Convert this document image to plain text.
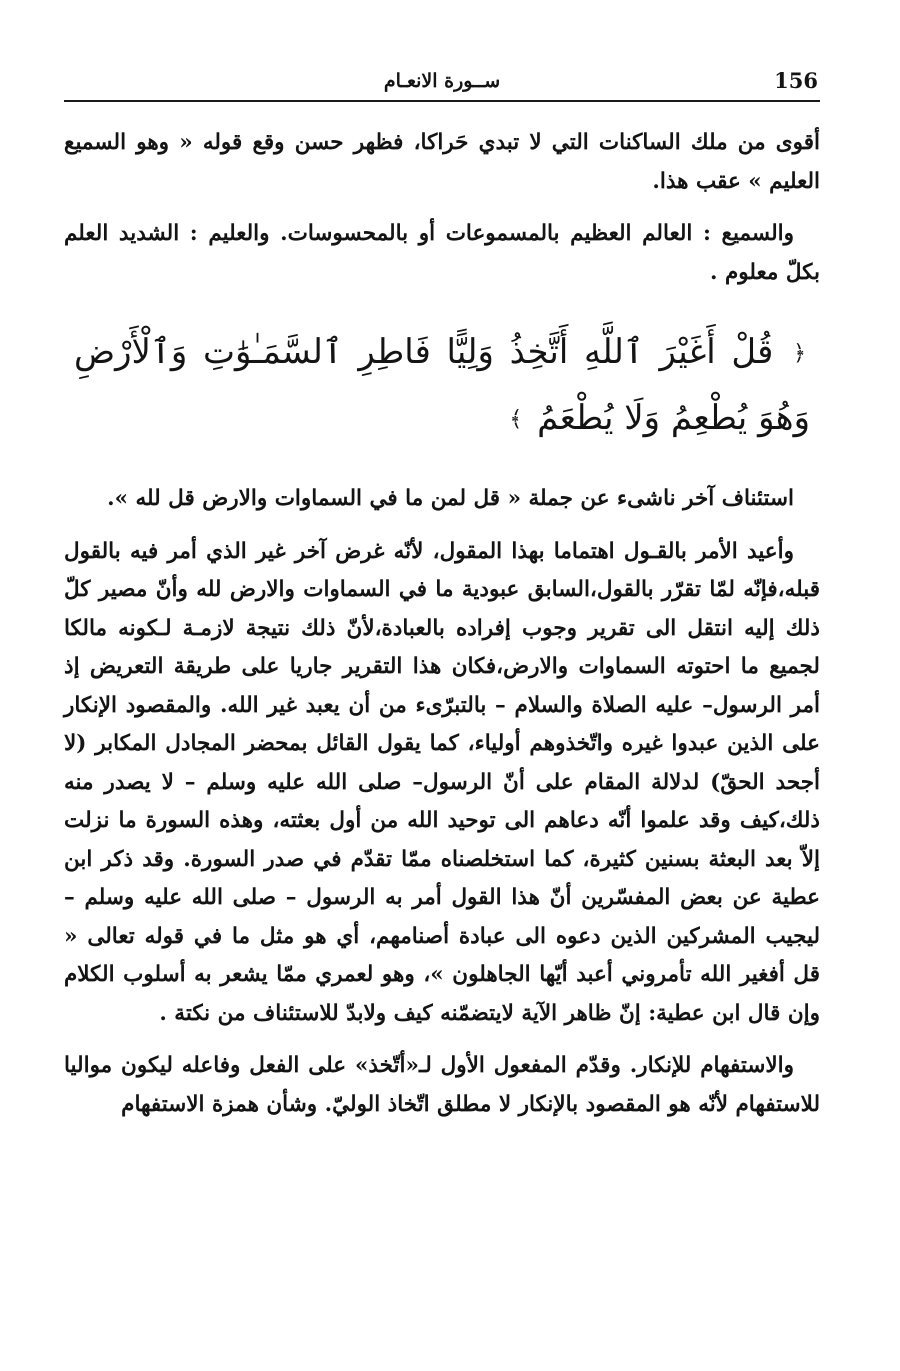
156
ســورة الانعـام

أقوى من ملك الساكنات التي لا تبدي حَراكا، فظهر حسن وقع قوله « وهو السميع العليم » عقب هذا.

والسميع : العالم العظيم بالمسموعات أو بالمحسوسات. والعليم : الشديد العلم بكلّ معلوم .

﴿ قُلْ أَغَيْرَ ٱللَّهِ أَتَّخِذُ وَلِيًّا فَاطِرِ ٱلسَّمَـٰوَٰتِ وَٱلْأَرْضِ وَهُوَ يُطْعِمُ وَلَا يُطْعَمُ ﴾

استئناف آخر ناشىء عن جملة « قل لمن ما في السماوات والارض قل لله ».

وأعيد الأمر بالقـول اهتماما بهذا المقول، لأنّه غرض آخر غير الذي أمر فيه بالقول قبله،فإنّه لمّا تقرّر بالقول،السابق عبودية ما في السماوات والارض لله وأنّ مصير كلّ ذلك إليه انتقل الى تقرير وجوب إفراده بالعبادة،لأنّ ذلك نتيجة لازمـة لـكونه مالكا لجميع ما احتوته السماوات والارض،فكان هذا التقرير جاريا على طريقة التعريض إذ أمر الرسول– عليه الصلاة والسلام – بالتبرّىء من أن يعبد غير الله. والمقصود الإنكار على الذين عبدوا غيره واتّخذوهم أولياء، كما يقول القائل بمحضر المجادل المكابر (لا أجحد الحقّ) لدلالة المقام على أنّ الرسول– صلى الله عليه وسلم – لا يصدر منه ذلك،كيف وقد علموا أنّه دعاهم الى توحيد الله من أول بعثته، وهذه السورة ما نزلت إلاّ بعد البعثة بسنين كثيرة، كما استخلصناه ممّا تقدّم في صدر السورة. وقد ذكر ابن عطية عن بعض المفسّرين أنّ هذا القول أمر به الرسول – صلى الله عليه وسلم – ليجيب المشركين الذين دعوه الى عبادة أصنامهم، أي هو مثل ما في قوله تعالى « قل أفغير الله تأمروني أعبد أيّها الجاهلون »، وهو لعمري ممّا يشعر به أسلوب الكلام وإن قال ابن عطية: إنّ ظاهر الآية لايتضمّنه كيف ولابدّ للاستئناف من نكتة .

والاستفهام للإنكار. وقدّم المفعول الأول لـ«أتّخذ» على الفعل وفاعله ليكون مواليا للاستفهام لأنّه هو المقصود بالإنكار لا مطلق اتّخاذ الوليّ. وشأن همزة الاستفهام
